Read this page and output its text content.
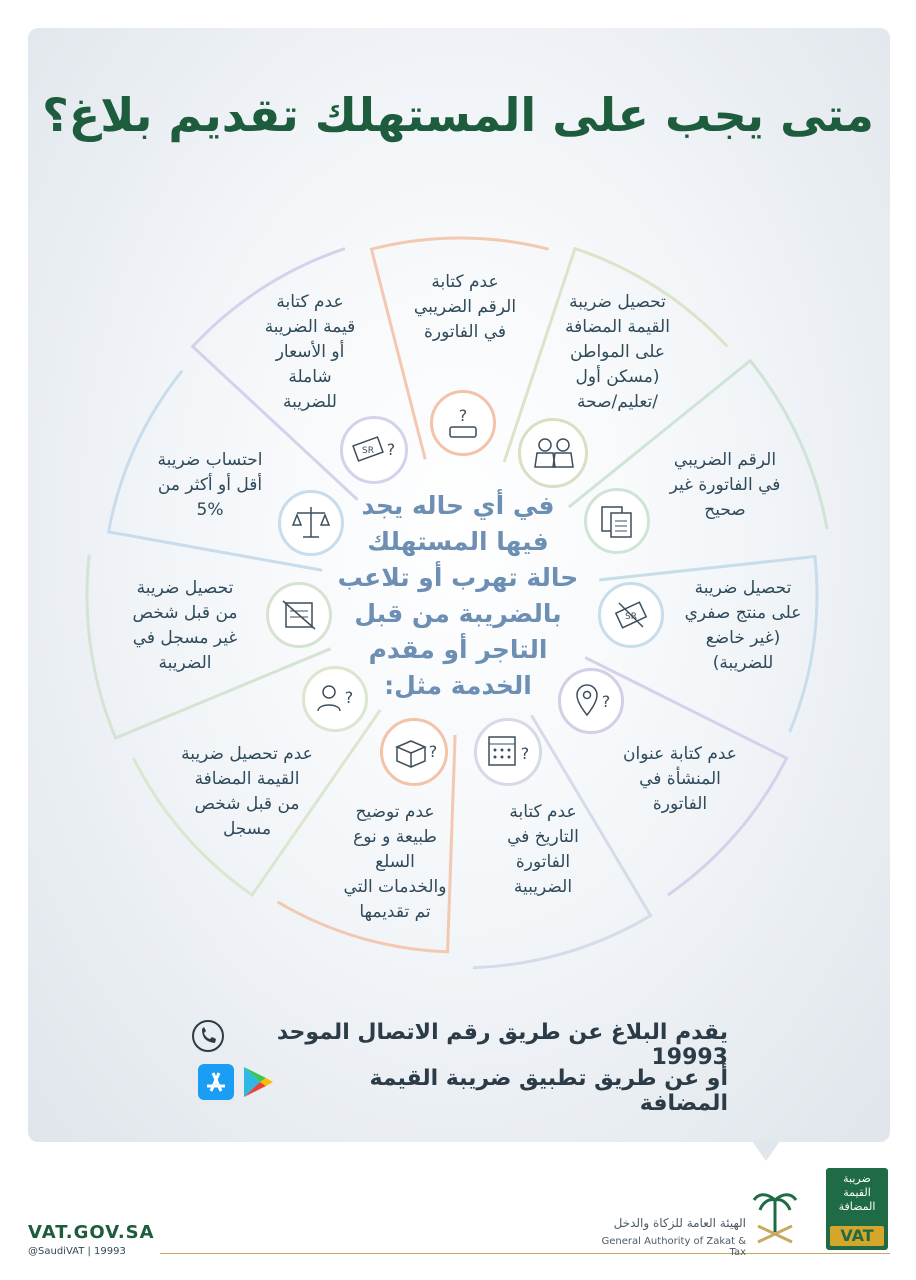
متى يجب على المستهلك تقديم بلاغ؟
عدم كتابة
الرقم الضريبي
في الفاتورة
تحصيل ضريبة
القيمة المضافة
على المواطن
(مسكن أول
/تعليم/صحة
الرقم الضريبي
في الفاتورة غير
صحيح
تحصيل ضريبة
على منتج صفري
(غير خاضع
للضريبة)
عدم كتابة عنوان
المنشأة في
الفاتورة
عدم كتابة
التاريخ في
الفاتورة
الضريبية
عدم توضيح
طبيعة و نوع
السلع
والخدمات التي
تم تقديمها
عدم تحصيل ضريبة
القيمة المضافة
من قبل شخص
مسجل
تحصيل ضريبة
من قبل شخص
غير مسجل في
الضريبة
احتساب ضريبة
أقل أو أكثر من
5%
عدم كتابة
قيمة الضريبة
أو الأسعار
شاملة
للضريبة
?
SR
?
?
?
?
SR ?
في أي حاله يجد
فيها المستهلك
حالة تهرب أو تلاعب
بالضريبة من قبل
التاجر أو مقدم
الخدمة مثل:
يقدم البلاغ عن طريق رقم الاتصال الموحد 19993
أو عن طريق تطبيق ضريبة القيمة المضافة
VAT.GOV.SA
@SaudiVAT | 19993
الهيئة العامة للزكاة والدخل
General Authority of Zakat & Tax
ضريبة
القيمة
المضافة
VAT
